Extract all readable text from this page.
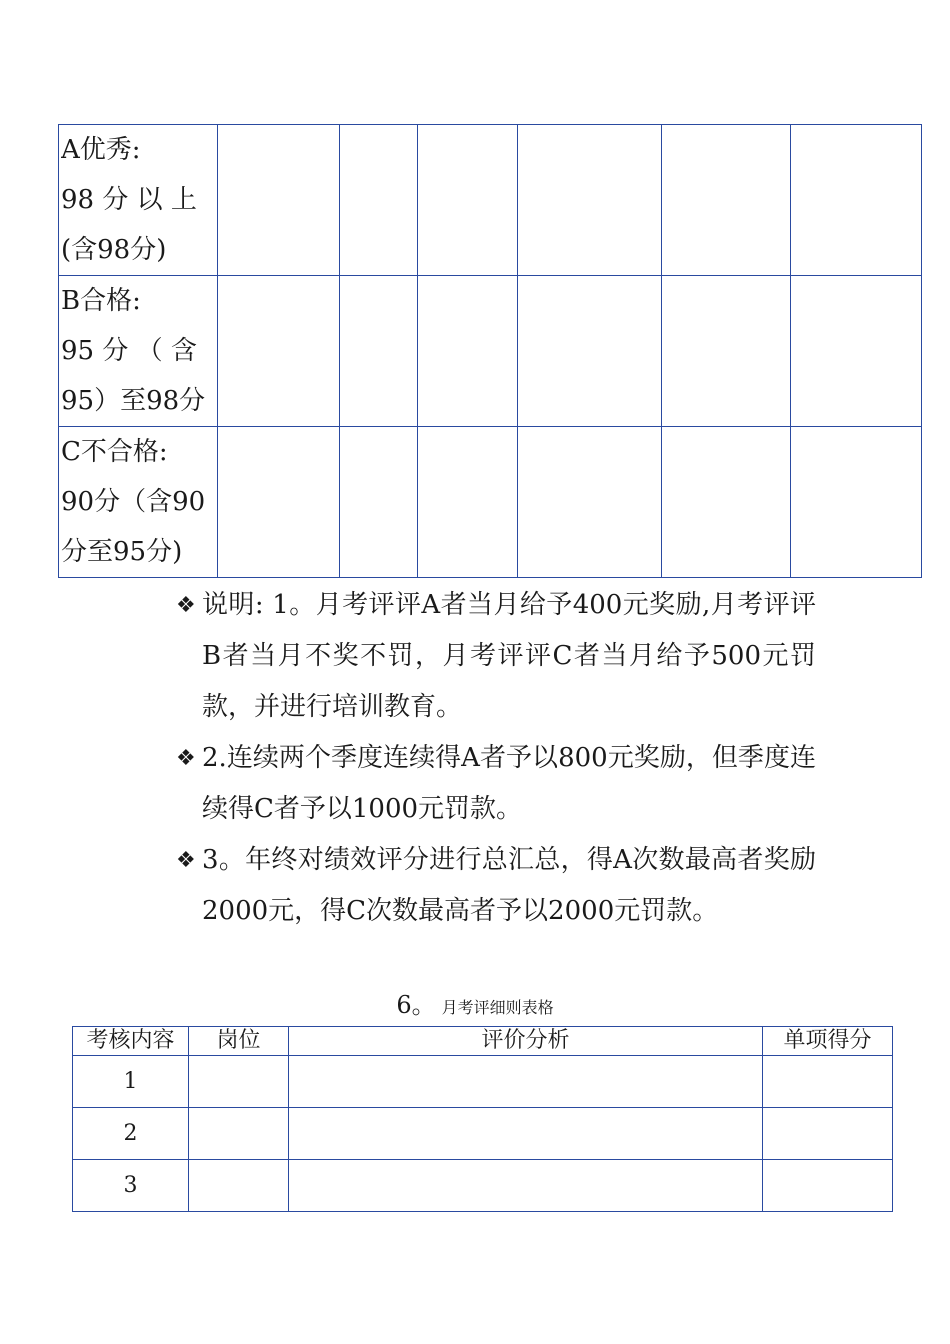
A优秀:
98 分 以 上
(含98分)						

B合格:
95 分 （ 含
95）至98分						

C不合格:
90分（含90
分至95分)						

❖ 说明: 1。月考评评A者当月给予400元奖励,月考评评B者当月不奖不罚，月考评评C者当月给予500元罚款，并进行培训教育。

❖ 2.连续两个季度连续得A者予以800元奖励，但季度连续得C者予以1000元罚款。

❖ 3。年终对绩效评分进行总汇总，得A次数最高者奖励2000元，得C次数最高者予以2000元罚款。

6。 月考评细则表格
考核内容	岗位	评价分析	单项得分
1			
2			
3			
